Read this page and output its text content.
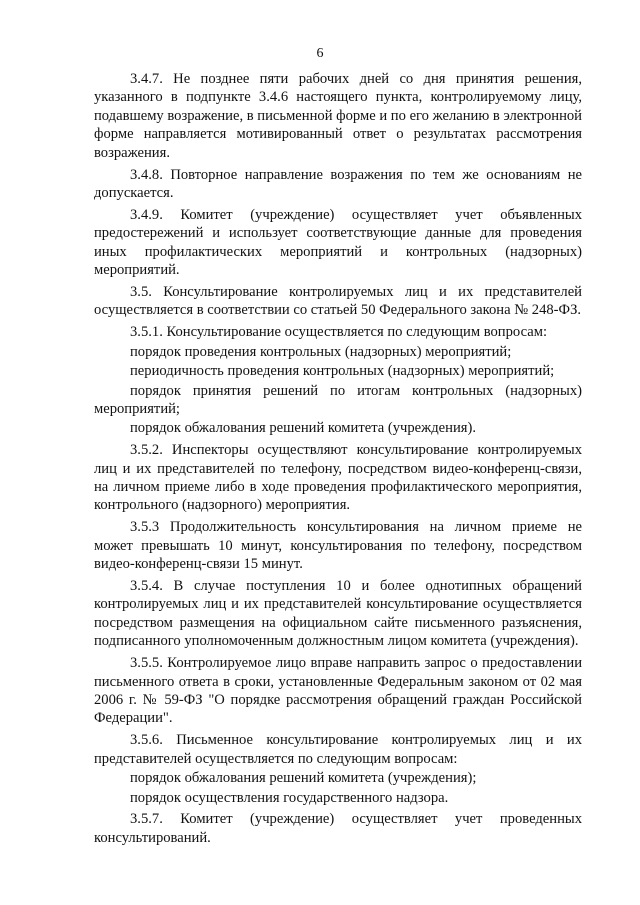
6

3.4.7. Не позднее пяти рабочих дней со дня принятия решения, указанного в подпункте 3.4.6 настоящего пункта, контролируемому лицу, подавшему возражение, в письменной форме и по его желанию в электронной форме направляется мотивированный ответ о результатах рассмотрения возражения.

3.4.8. Повторное направление возражения по тем же основаниям не допускается.

3.4.9. Комитет (учреждение) осуществляет учет объявленных предостережений и использует соответствующие данные для проведения иных профилактических мероприятий и контрольных (надзорных) мероприятий.

3.5. Консультирование контролируемых лиц и их представителей осуществляется в соответствии со статьей 50 Федерального закона № 248-ФЗ.

3.5.1. Консультирование осуществляется по следующим вопросам:

порядок проведения контрольных (надзорных) мероприятий;

периодичность проведения контрольных (надзорных) мероприятий;

порядок принятия решений по итогам контрольных (надзорных) мероприятий;

порядок обжалования решений комитета (учреждения).

3.5.2. Инспекторы осуществляют консультирование контролируемых лиц и их представителей по телефону, посредством видео-конференц-связи, на личном приеме либо в ходе проведения профилактического мероприятия, контрольного (надзорного) мероприятия.

3.5.3 Продолжительность консультирования на личном приеме не может превышать 10 минут, консультирования по телефону, посредством видео-конференц-связи 15 минут.

3.5.4. В случае поступления 10 и более однотипных обращений контролируемых лиц и их представителей консультирование осуществляется посредством размещения на официальном сайте письменного разъяснения, подписанного уполномоченным должностным лицом комитета (учреждения).

3.5.5. Контролируемое лицо вправе направить запрос о предоставлении письменного ответа в сроки, установленные Федеральным законом от 02 мая 2006 г. № 59-ФЗ "О порядке рассмотрения обращений граждан Российской Федерации".

3.5.6. Письменное консультирование контролируемых лиц и их представителей осуществляется по следующим вопросам:

порядок обжалования решений комитета (учреждения);

порядок осуществления государственного надзора.

3.5.7. Комитет (учреждение) осуществляет учет проведенных консультирований.
